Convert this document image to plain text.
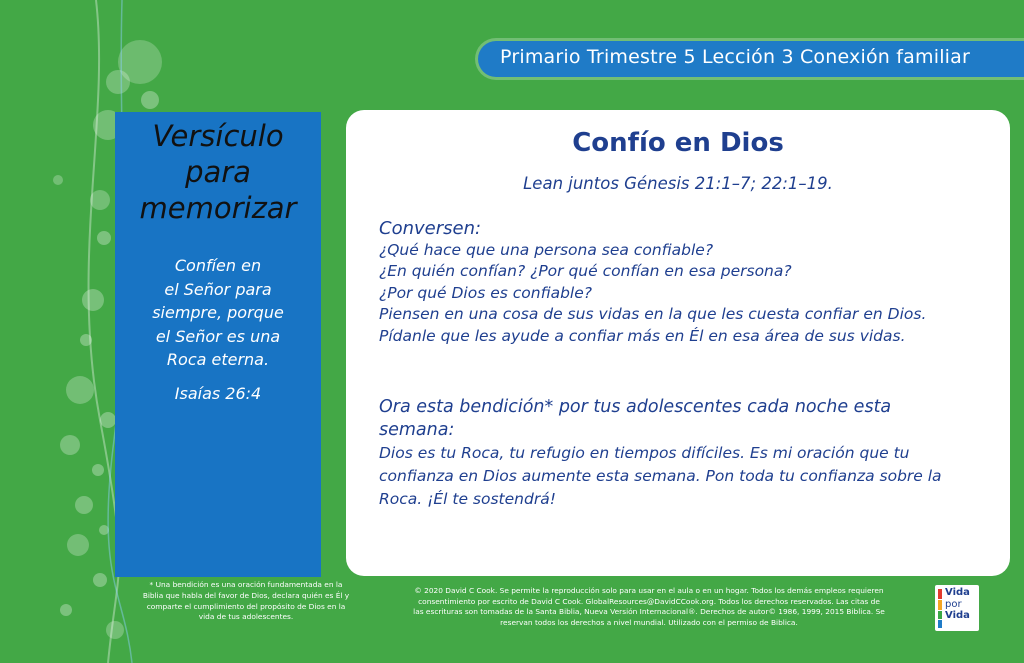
Primario Trimestre 5 Lección 3 Conexión familiar
Versículo
para
memorizar
Confíen en
el Señor para
siempre, porque
el Señor es una
Roca eterna.
Isaías 26:4
Confío en Dios
Lean juntos Génesis 21:1–7; 22:1–19.
Conversen:
¿Qué hace que una persona sea confiable?
¿En quién confían? ¿Por qué confían en esa persona?
¿Por qué Dios es confiable?
Piensen en una cosa de sus vidas en la que les cuesta confiar en Dios.
Pídanle que les ayude a confiar más en Él en esa área de sus vidas.
Ora esta bendición* por tus adolescentes cada noche esta
semana:
Dios es tu Roca, tu refugio en tiempos difíciles. Es mi oración que tu
confianza en Dios aumente esta semana. Pon toda tu confianza sobre la
Roca. ¡Él te sostendrá!
* Una bendición es una oración fundamentada en la
Biblia que habla del favor de Dios, declara quién es Él y
comparte el cumplimiento del propósito de Dios en la
vida de tus adolescentes.
© 2020 David C Cook. Se permite la reproducción solo para usar en el aula o en un hogar. Todos los demás empleos requieren
consentimiento por escrito de David C Cook. GlobalResources@DavidCCook.org. Todos los derechos reservados. Las citas de
las escrituras son tomadas de la Santa Biblia, Nueva Versión Internacional®. Derechos de autor© 1986, 1999, 2015 Biblica. Se
reservan todos los derechos a nivel mundial. Utilizado con el permiso de Biblica.
Vida
por
Vida
